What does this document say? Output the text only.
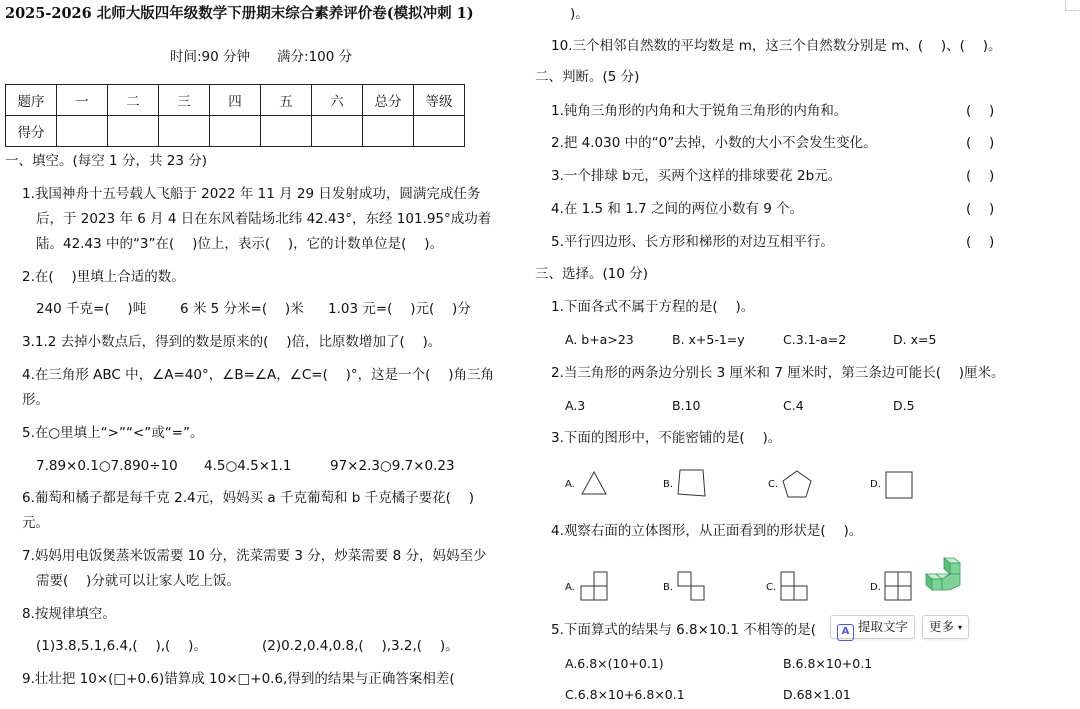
2025-2026 北师大版四年级数学下册期末综合素养评价卷(模拟冲刺 1)
时间:90 分钟　　满分:100 分
题序	一	二	三	四	五	六	总分	等级
得分								
一、填空。(每空 1 分，共 23 分)
1.我国神舟十五号载人飞船于 2022 年 11 月 29 日发射成功，圆满完成任务
后，于 2023 年 6 月 4 日在东风着陆场北纬 42.43°，东经 101.95°成功着
陆。42.43 中的“3”在(　 )位上，表示(　 )，它的计数单位是(　 )。
2.在(　 )里填上合适的数。
240 千克=(　 )吨	6 米 5 分米=(　 )米 1.03 元=(　 )元(　 )分
3.1.2 去掉小数点后，得到的数是原来的(　 )倍，比原数增加了(　 )。
4.在三角形 ABC 中，∠A=40°，∠B=∠A，∠C=(　 )°，这是一个(　 )角三角
形。
5.在○里填上“>”“<”或“=”。
7.89×0.1○7.890÷10 4.5○4.5×1.1	97×2.3○9.7×0.23
6.葡萄和橘子都是每千克 2.4元，妈妈买 a 千克葡萄和 b 千克橘子要花(　 )
元。
7.妈妈用电饭煲蒸米饭需要 10 分，洗菜需要 3 分，炒菜需要 8 分，妈妈至少
需要(　 )分就可以让家人吃上饭。
8.按规律填空。
(1)3.8,5.1,6.4,(　 ),(　 )。	(2)0.2,0.4,0.8,(　 ),3.2,(　 )。
9.壮壮把 10×(□+0.6)错算成 10×□+0.6,得到的结果与正确答案相差(
)。
10.三个相邻自然数的平均数是 m，这三个自然数分别是 m、(　 )、(　 )。
二、判断。(5 分)
1.钝角三角形的内角和大于锐角三角形的内角和。	(　 )
2.把 4.030 中的“0”去掉，小数的大小不会发生变化。	(　 )
3.一个排球 b元，买两个这样的排球要花 2b元。	(　 )
4.在 1.5 和 1.7 之间的两位小数有 9 个。	(　 )
5.平行四边形、长方形和梯形的对边互相平行。	(　 )
三、选择。(10 分)
1.下面各式不属于方程的是(　 )。
A. b+a>23	B. x+5-1=y	C.3.1-a=2	D. x=5
2.当三角形的两条边分别长 3 厘米和 7 厘米时，第三条边可能长(　 )厘米。
A.3	B.10	C.4	D.5
3.下面的图形中，不能密铺的是(　 )。
A.	B.	C.	D.
4.观察右面的立体图形，从正面看到的形状是(　 )。
A.	B.	C.	D.
5.下面算式的结果与 6.8×10.1 不相等的是(	A 提取文字	更多 ▾
A.6.8×(10+0.1)	B.6.8×10+0.1
C.6.8×10+6.8×0.1	D.68×1.01
